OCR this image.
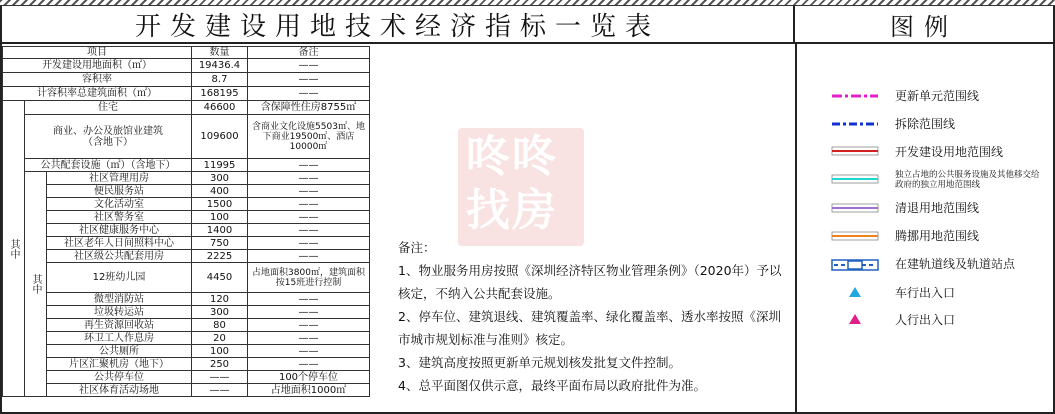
开发建设用地技术经济指标一览表	图例
项目			数量	备注
开发建设用地面积（㎡）			19436.4	——
容积率			8.7	——
计容积率总建筑面积（㎡）			168195	——
其中	住宅		46600	含保障性住房8755㎡
	商业、办公及旅馆业建筑（含地下）		109600	含商业文化设施5503㎡、地下商业19500㎡、酒店10000㎡
	公共配套设施（㎡）（含地下）		11995	——
	其中	社区管理用房	300	——
		便民服务站	400	——
		文化活动室	1500	——
		社区警务室	100	——
		社区健康服务中心	1400	——
		社区老年人日间照料中心	750	——
		社区级公共配套用房	2225	——
		12班幼儿园	4450	占地面积3800㎡，建筑面积按15班进行控制
		微型消防站	120	——
		垃圾转运站	300	——
		再生资源回收站	80	——
		环卫工人作息房	20	——
		公共厕所	100	——
		片区汇聚机房（地下）	250	——
		公共停车位	——	100个停车位
		社区体育活动场地	——	占地面积1000㎡
咚咚
找房

备注：

1、物业服务用房按照《深圳经济特区物业管理条例》（2020年）予以核定，不纳入公共配套设施。

2、停车位、建筑退线、建筑覆盖率、绿化覆盖率、透水率按照《深圳市城市规划标准与准则》核定。

3、建筑高度按照更新单元规划核发批复文件控制。

4、总平面图仅供示意，最终平面布局以政府批件为准。

更新单元范围线
拆除范围线
开发建设用地范围线
独立占地的公共服务设施及其他移交给政府的独立用地范围线
清退用地范围线
腾挪用地范围线
在建轨道线及轨道站点
车行出入口
人行出入口
